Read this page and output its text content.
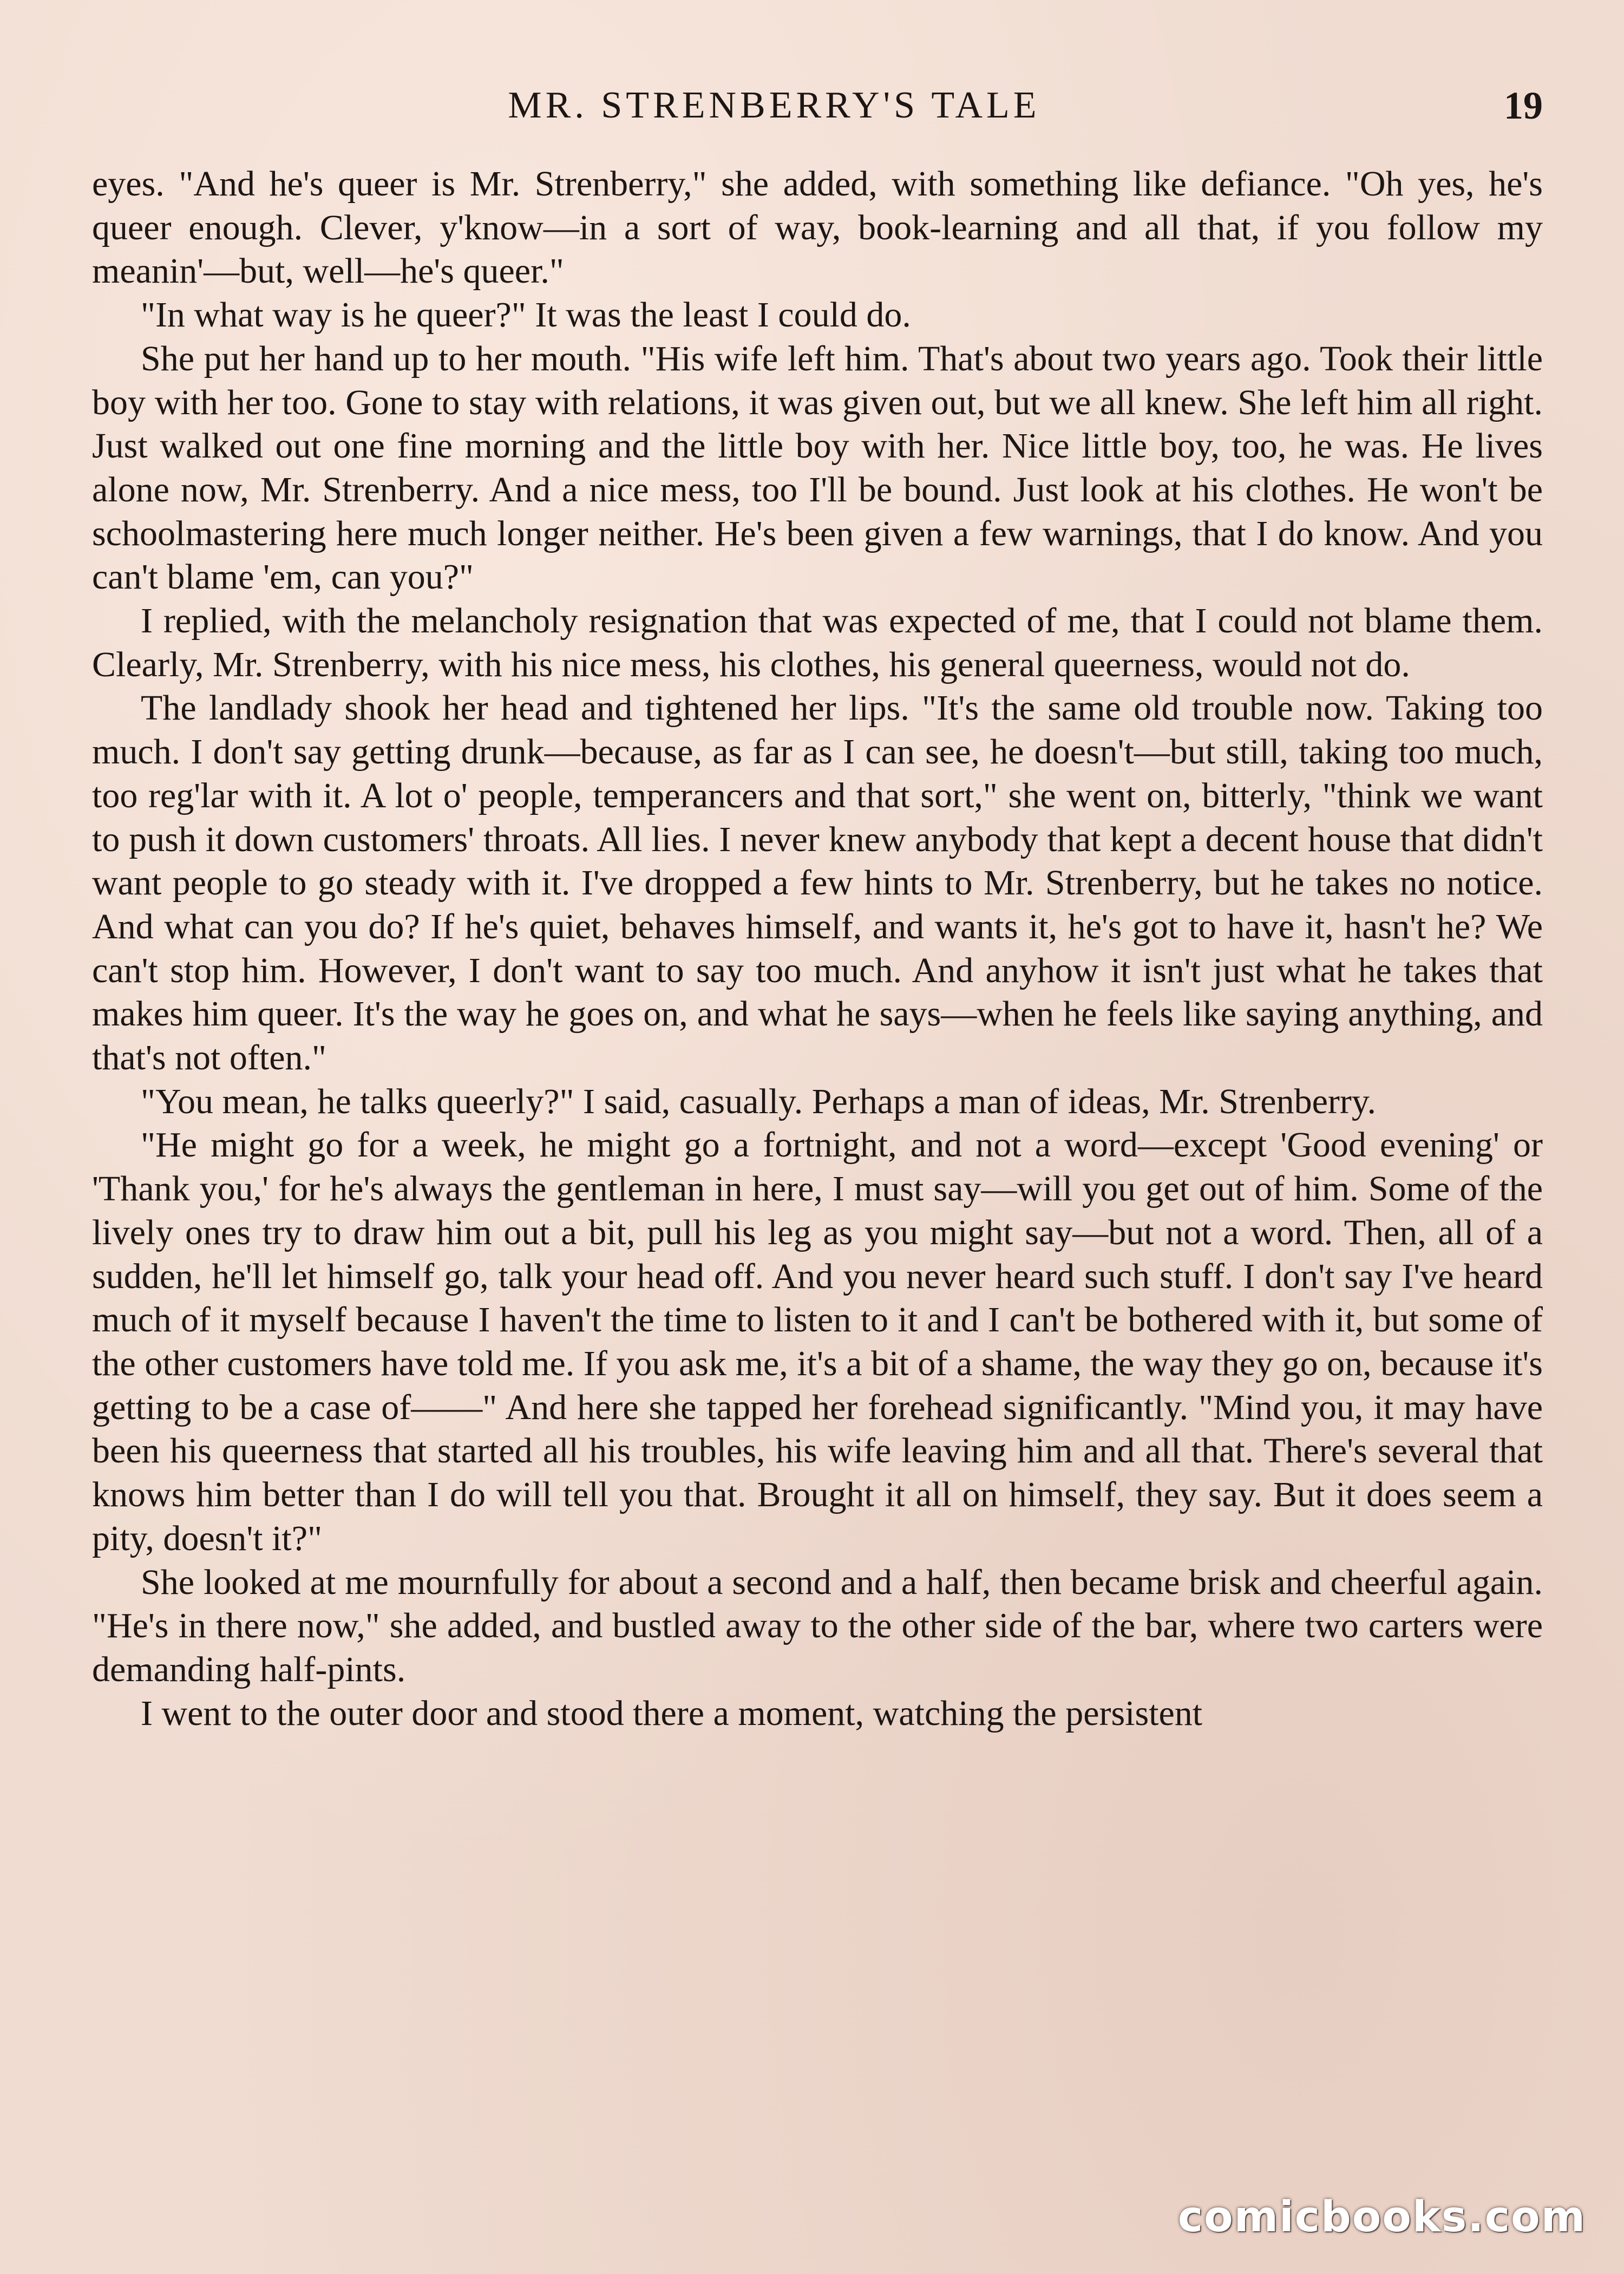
MR. STRENBERRY'S TALE	19

eyes. "And he's queer is Mr. Strenberry," she added, with something like defiance. "Oh yes, he's queer enough. Clever, y'know—in a sort of way, book-learning and all that, if you follow my meanin'—but, well—he's queer."

"In what way is he queer?" It was the least I could do.

She put her hand up to her mouth. "His wife left him. That's about two years ago. Took their little boy with her too. Gone to stay with relations, it was given out, but we all knew. She left him all right. Just walked out one fine morning and the little boy with her. Nice little boy, too, he was. He lives alone now, Mr. Strenberry. And a nice mess, too I'll be bound. Just look at his clothes. He won't be schoolmastering here much longer neither. He's been given a few warnings, that I do know. And you can't blame 'em, can you?"

I replied, with the melancholy resignation that was expected of me, that I could not blame them. Clearly, Mr. Strenberry, with his nice mess, his clothes, his general queerness, would not do.

The landlady shook her head and tightened her lips. "It's the same old trouble now. Taking too much. I don't say getting drunk—because, as far as I can see, he doesn't—but still, taking too much, too reg'lar with it. A lot o' people, temperancers and that sort," she went on, bitterly, "think we want to push it down customers' throats. All lies. I never knew anybody that kept a decent house that didn't want people to go steady with it. I've dropped a few hints to Mr. Strenberry, but he takes no notice. And what can you do? If he's quiet, behaves himself, and wants it, he's got to have it, hasn't he? We can't stop him. However, I don't want to say too much. And anyhow it isn't just what he takes that makes him queer. It's the way he goes on, and what he says—when he feels like saying anything, and that's not often."

"You mean, he talks queerly?" I said, casually. Perhaps a man of ideas, Mr. Strenberry.

"He might go for a week, he might go a fortnight, and not a word—except 'Good evening' or 'Thank you,' for he's always the gentleman in here, I must say—will you get out of him. Some of the lively ones try to draw him out a bit, pull his leg as you might say—but not a word. Then, all of a sudden, he'll let himself go, talk your head off. And you never heard such stuff. I don't say I've heard much of it myself because I haven't the time to listen to it and I can't be bothered with it, but some of the other customers have told me. If you ask me, it's a bit of a shame, the way they go on, because it's getting to be a case of——" And here she tapped her forehead significantly. "Mind you, it may have been his queerness that started all his troubles, his wife leaving him and all that. There's several that knows him better than I do will tell you that. Brought it all on himself, they say. But it does seem a pity, doesn't it?"

She looked at me mournfully for about a second and a half, then became brisk and cheerful again. "He's in there now," she added, and bustled away to the other side of the bar, where two carters were demanding half-pints.

I went to the outer door and stood there a moment, watching the persistent

comicbooks.com
